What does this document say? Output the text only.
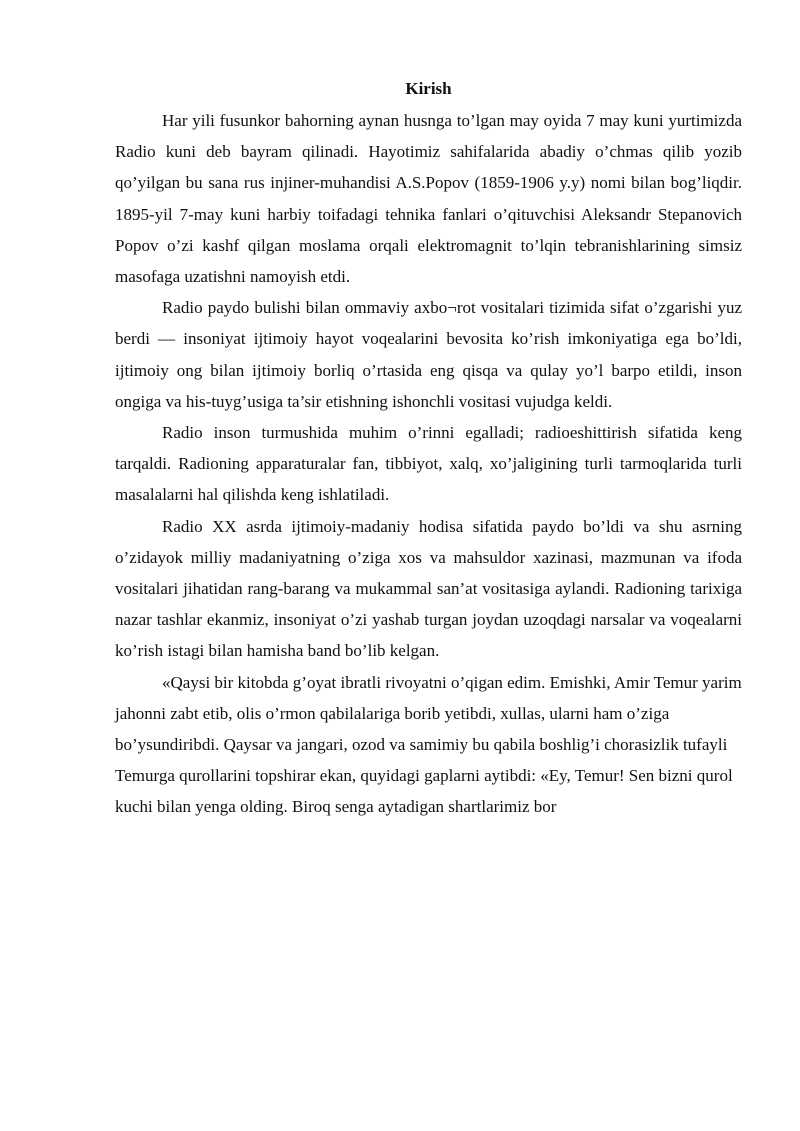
Kirish

Har yili fusunkor bahorning aynan husnga to’lgan may oyida 7 may kuni yurtimizda Radio kuni deb bayram qilinadi. Hayotimiz sahifalarida abadiy o’chmas qilib yozib qo’yilgan bu sana rus injiner-muhandisi A.S.Popov (1859-1906 y.y) nomi bilan bog’liqdir. 1895-yil 7-may kuni harbiy toifadagi tehnika fanlari o’qituvchisi Aleksandr Stepanovich Popov o’zi kashf qilgan moslama orqali elektromagnit to’lqin tebranishlarining simsiz masofaga uzatishni namoyish etdi.

Radio paydo bulishi bilan ommaviy axbo¬rot vositalari tizimida sifat o’zgarishi yuz berdi — insoniyat ijtimoiy hayot voqealarini bevosita ko’rish imkoniyatiga ega bo’ldi, ijtimoiy ong bilan ijtimoiy borliq o’rtasida eng qisqa va qulay yo’l barpo etildi, inson ongiga va his-tuyg’usiga ta’sir etishning ishonchli vositasi vujudga keldi.

Radio inson turmushida muhim o’rinni egalladi; radioeshittirish sifatida keng tarqaldi. Radioning apparaturalar fan, tibbiyot, xalq, xo’jaligining turli tarmoqlarida turli masalalarni hal qilishda keng ishlatiladi.

Radio XX asrda ijtimoiy-madaniy hodisa sifatida paydo bo’ldi va shu asrning o’zidayok milliy madaniyatning o’ziga xos va mahsuldor xazinasi, mazmunan va ifoda vositalari jihatidan rang-barang va mukammal san’at vositasiga aylandi. Radioning tarixiga nazar tashlar ekanmiz, insoniyat o’zi yashab turgan joydan uzoqdagi narsalar va voqealarni ko’rish istagi bilan hamisha band bo’lib kelgan.

«Qaysi bir kitobda g’oyat ibratli rivoyatni o’qigan edim. Emishki, Amir Temur yarim jahonni zabt etib, olis o’rmon qabilalariga borib yetibdi, xullas, ularni ham o’ziga bo’ysundiribdi. Qaysar va jangari, ozod va samimiy bu qabila boshlig’i chorasizlik tufayli Temurga qurollarini topshirar ekan, quyidagi gaplarni aytibdi: «Ey, Temur! Sen bizni qurol kuchi bilan yenga olding. Biroq senga aytadigan shartlarimiz bor
